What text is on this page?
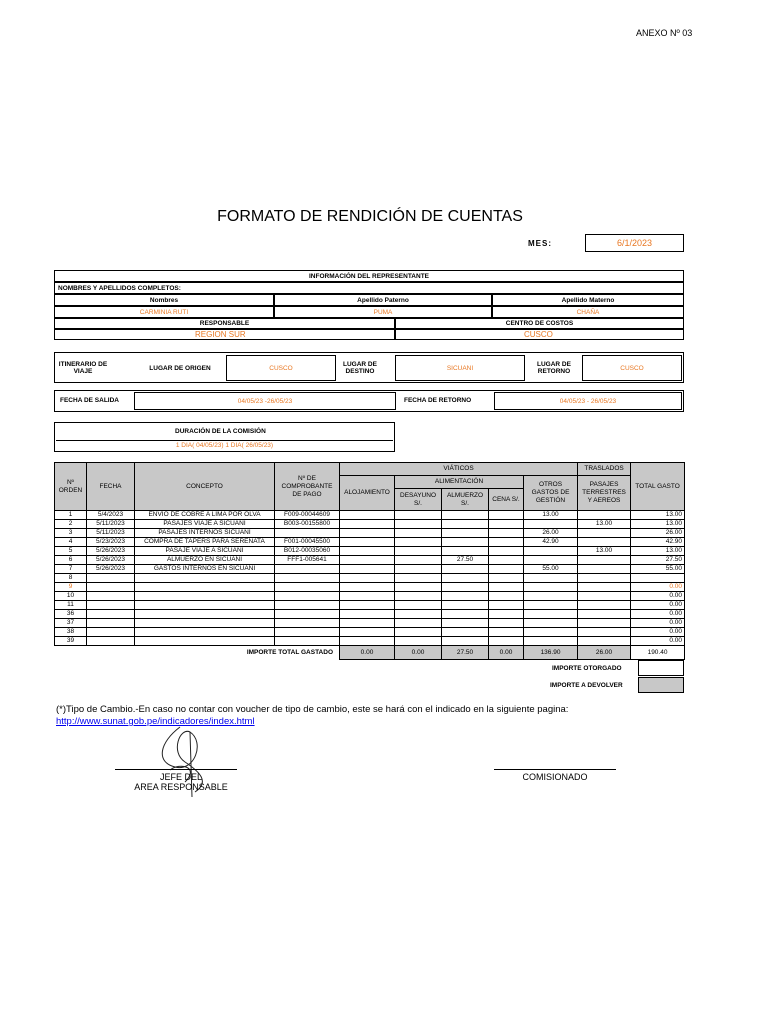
ANEXO Nº 03
FORMATO DE RENDICIÓN DE CUENTAS
MES:	6/1/2023
INFORMACIÓN DEL REPRESENTANTE
NOMBRES Y APELLIDOS COMPLETOS:
Nombres	Apellido Paterno	Apellido Materno
CARMINIA RUTI	PUMA	CHAÑA
RESPONSABLE	CENTRO DE COSTOS
REGION SUR	CUSCO
ITINERARIO DE VIAJE	LUGAR DE ORIGEN	CUSCO	LUGAR DE DESTINO	SICUANI	LUGAR DE RETORNO	CUSCO
FECHA DE SALIDA	04/05/23 -26/05/23	FECHA DE RETORNO	04/05/23 - 26/05/23
DURACIÓN DE LA COMISIÓN
1 DIA( 04/05/23) 1 DIA( 26/05/23)
Nº ORDEN	FECHA	CONCEPTO	Nº DE COMPROBANTE DE PAGO	VIÁTICOS					TRASLADOS	TOTAL GASTO
				ALOJAMIENTO	ALIMENTACIÓN			OTROS GASTOS DE GESTIÓN	PASAJES TERRESTRES Y AEREOS	
					DESAYUNO S/.	ALMUERZO S/.	CENA S/.			
1	5/4/2023	ENVIO DE COBRE A LIMA POR OLVA	F009-00044609					13.00		13.00
2	5/11/2023	PASAJES VIAJE A SICUANI	B003-00155800						13.00	13.00
3	5/11/2023	PASAJES INTERNOS SICUANI						26.00		26.00
4	5/23/2023	COMPRA DE TAPERS PARA SERENATA	F001-00045500					42.90		42.90
5	5/26/2023	PASAJE VIAJE A SICUANI	B012-00035060						13.00	13.00
6	5/26/2023	ALMUERZO EN SICUANI	FFF1-005641			27.50				27.50
7	5/26/2023	GASTOS INTERNOS EN SICUANI						55.00		55.00
8										
9										0.00
10										0.00
11										0.00
36										0.00
37										0.00
38										0.00
39										0.00
IMPORTE TOTAL GASTADO				0.00	0.00	27.50	0.00	136.90	26.00	190.40
IMPORTE OTORGADO
IMPORTE A DEVOLVER
(*)Tipo de Cambio.-En caso no contar con voucher de tipo de cambio, este se hará con el indicado en la siguiente pagina:
http://www.sunat.gob.pe/indicadores/index.html
JEFE DEL
AREA RESPONSABLE
COMISIONADO
